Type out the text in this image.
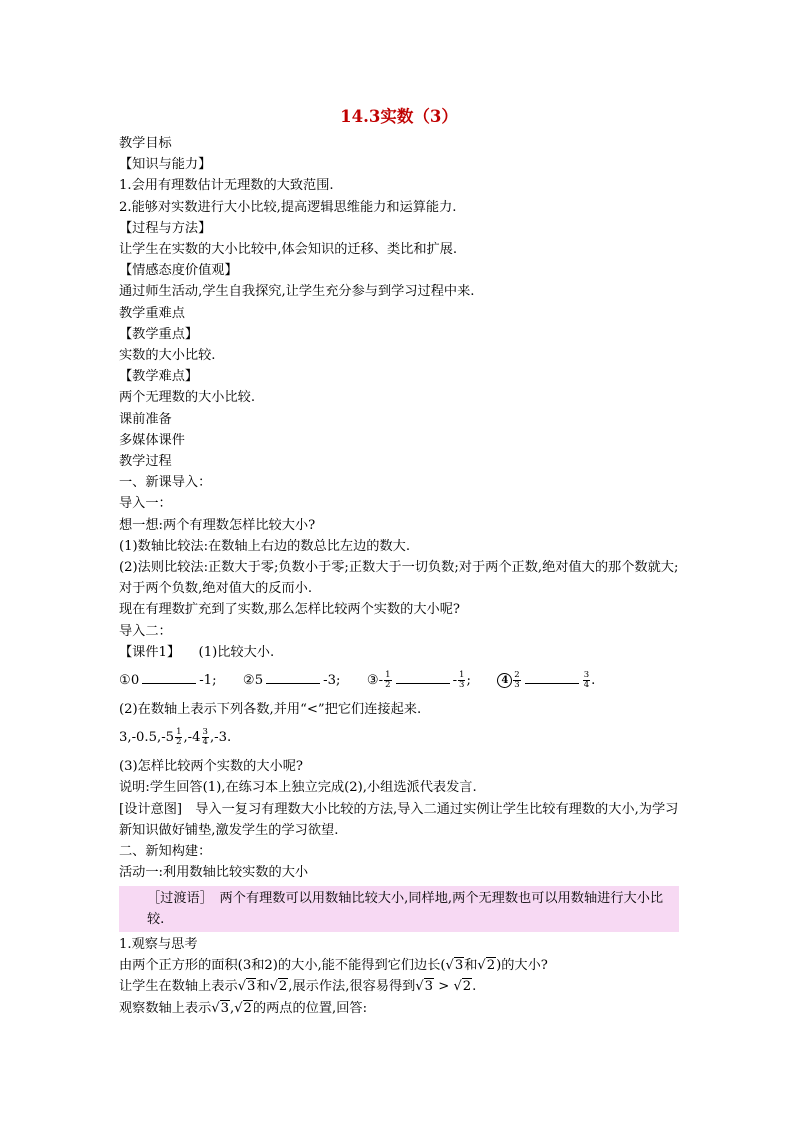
14.3实数（3）
教学目标
【知识与能力】
1.会用有理数估计无理数的大致范围.
2.能够对实数进行大小比较,提高逻辑思维能力和运算能力.
【过程与方法】
让学生在实数的大小比较中,体会知识的迁移、类比和扩展.
【情感态度价值观】
通过师生活动,学生自我探究,让学生充分参与到学习过程中来.
教学重难点
【教学重点】
实数的大小比较.
【教学难点】
两个无理数的大小比较.
课前准备
多媒体课件
教学过程
一、新课导入：
导入一：
想一想:两个有理数怎样比较大小?
(1)数轴比较法:在数轴上右边的数总比左边的数大.
(2)法则比较法:正数大于零;负数小于零;正数大于一切负数;对于两个正数,绝对值大的那个数就大;对于两个负数,绝对值大的反而小.
现在有理数扩充到了实数,那么怎样比较两个实数的大小呢?
导入二：
【课件1】 (1)比较大小.
①0	-1; ②5	-3; ③- $\frac{1}{2}$	- $\frac{1}{3}$ ;	$4 \frac{2}{3}$	$\frac{3}{4}$ .
(2)在数轴上表示下列各数,并用“<”把它们连接起来.
$3,-0.5,-5 \frac{1}{2} ,-4 \frac{3}{4} ,-3$.
(3)怎样比较两个实数的大小呢?
说明:学生回答(1),在练习本上独立完成(2),小组选派代表发言.
[设计意图]　导入一复习有理数大小比较的方法,导入二通过实例让学生比较有理数的大小,为学习新知识做好铺垫,激发学生的学习欲望.
二、新知构建：
活动一:利用数轴比较实数的大小
［过渡语］　两个有理数可以用数轴比较大小,同样地,两个无理数也可以用数轴进行大小比较.
1.观察与思考
由两个正方形的面积(3和2)的大小,能不能得到它们边长(√3和√2)的大小?
让学生在数轴上表示√3和√2,展示作法,很容易得到√3 > √2.
观察数轴上表示√3,√2的两点的位置,回答:
